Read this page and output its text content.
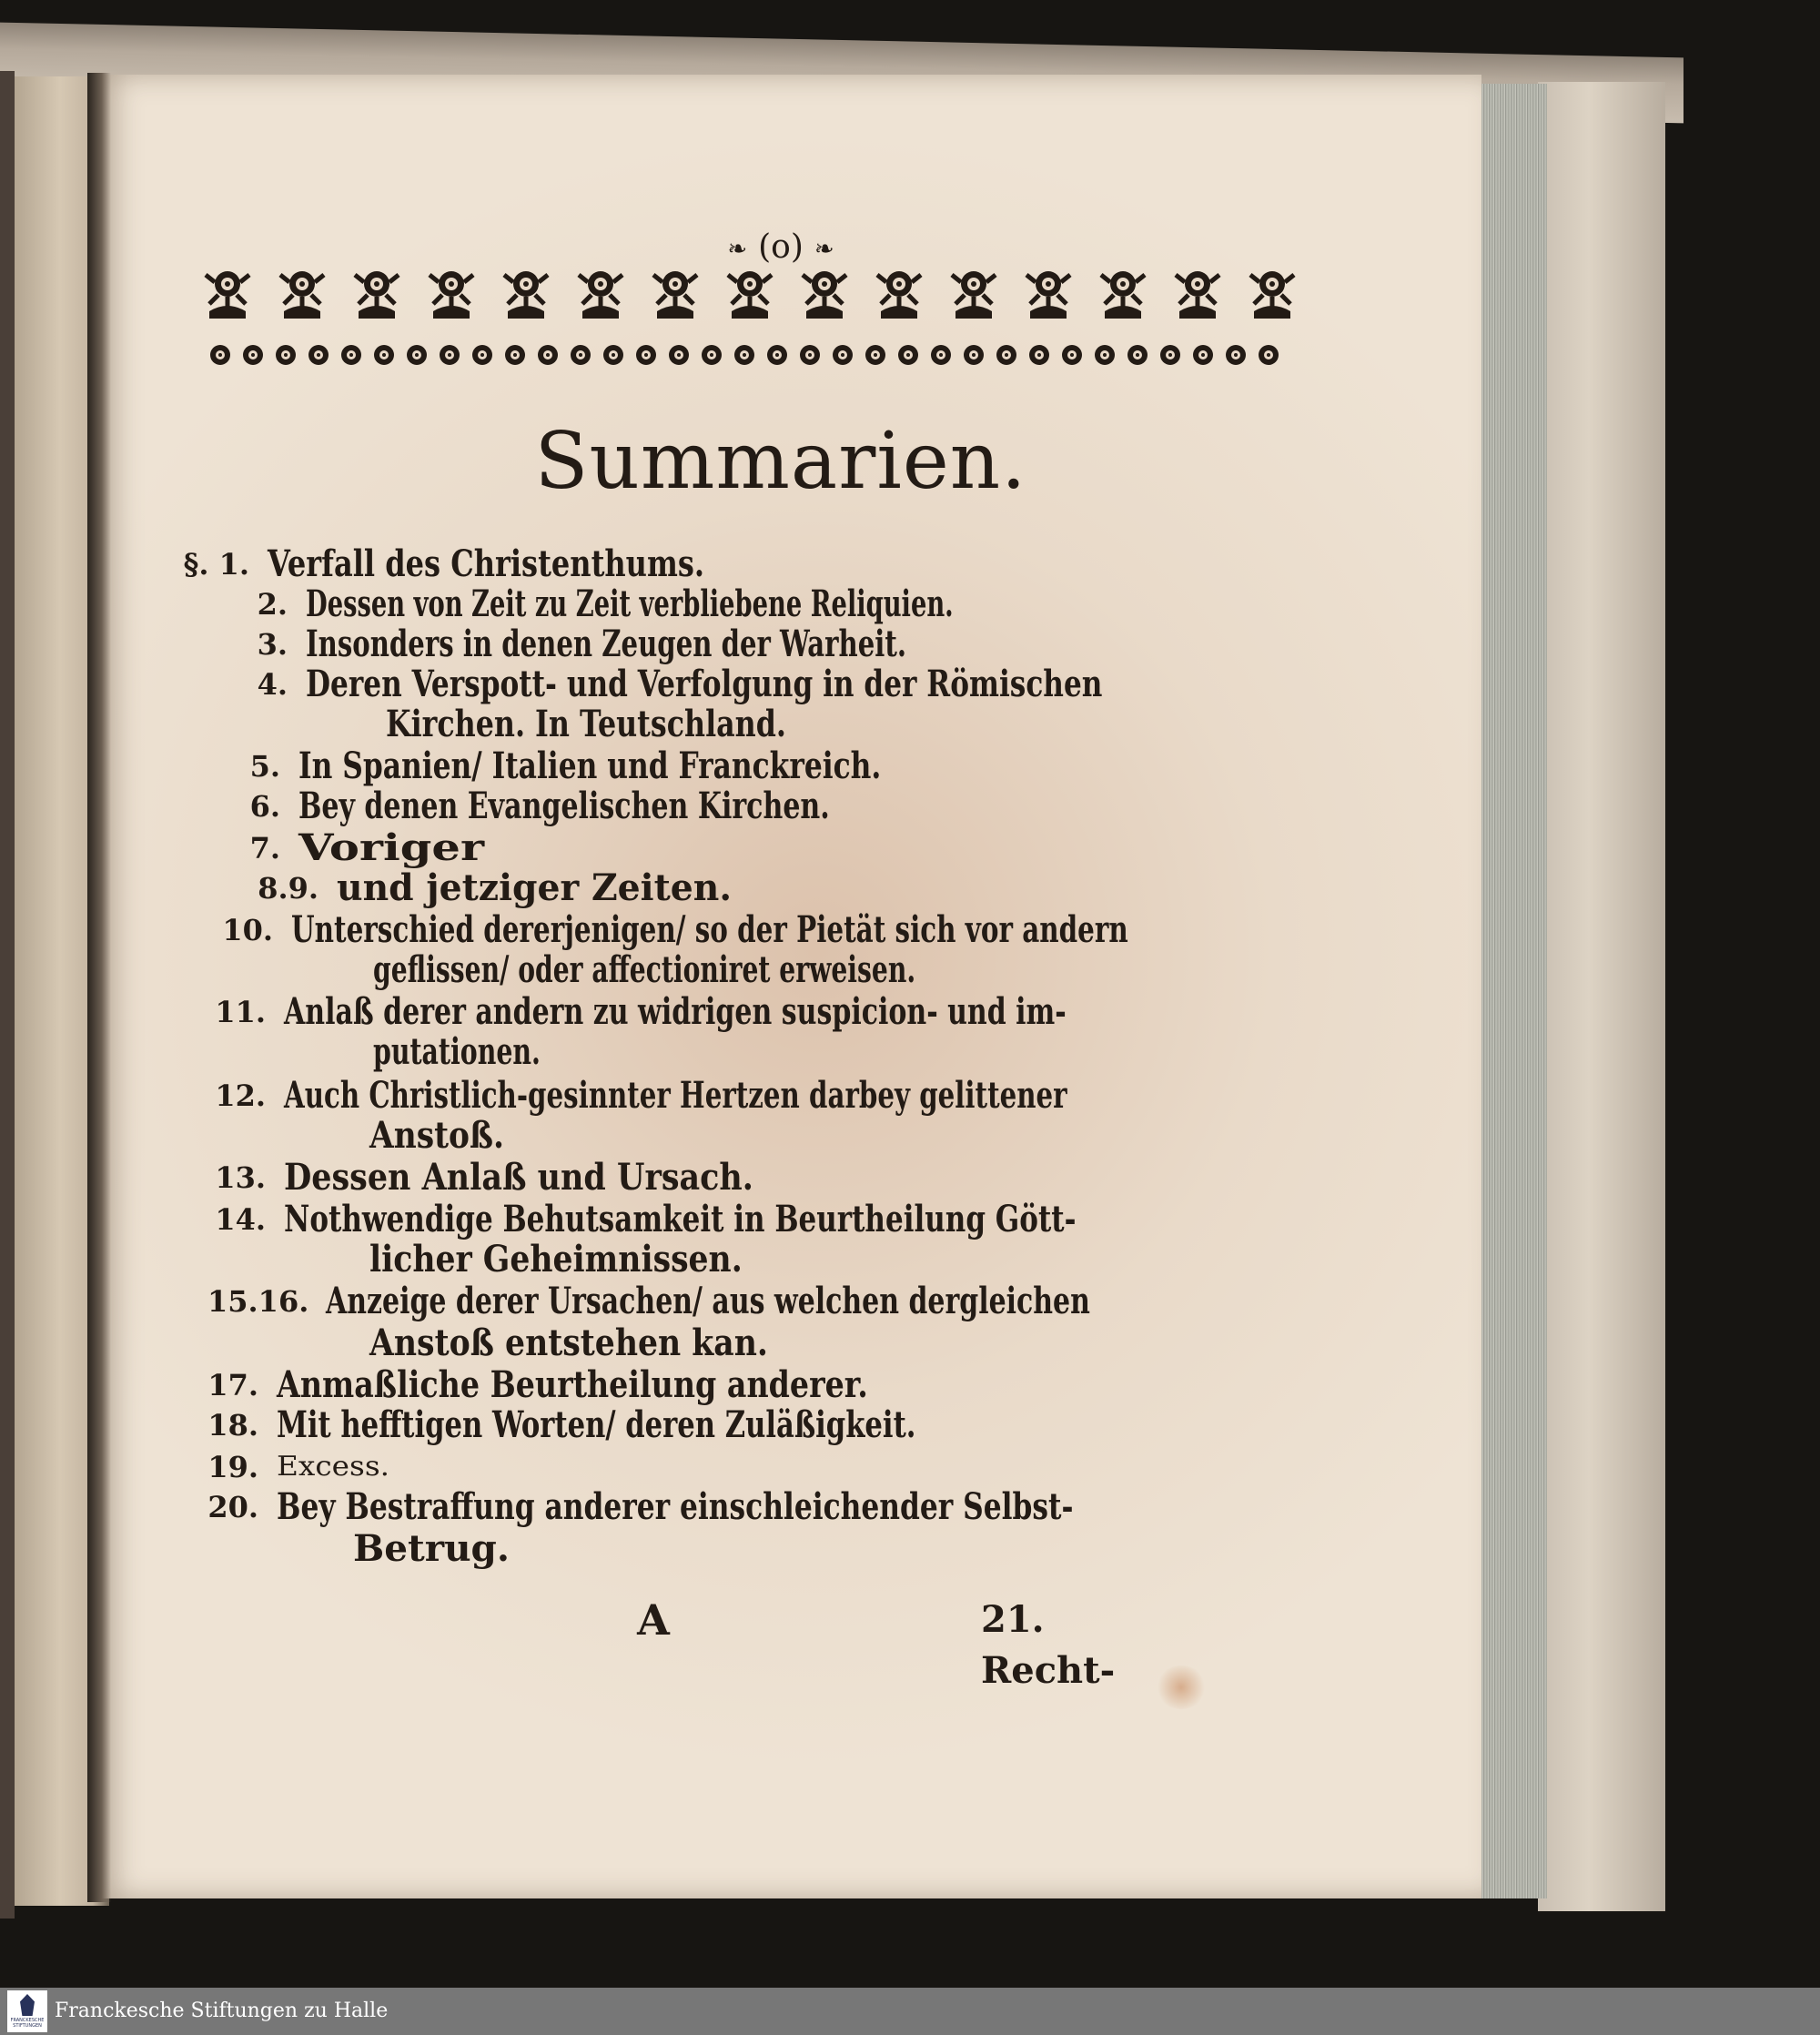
❧ (o) ❧
Summarien.
§. 1. Verfall des Christenthums.
2. Dessen von Zeit zu Zeit verbliebene Reliquien.
3. Insonders in denen Zeugen der Warheit.
4. Deren Verspott- und Verfolgung in der Römischen
Kirchen. In Teutschland.
5. In Spanien/ Italien und Franckreich.
6. Bey denen Evangelischen Kirchen.
7. Voriger
8.9. und jetziger Zeiten.
10. Unterschied dererjenigen/ so der Pietät sich vor andern
geflissen/ oder affectioniret erweisen.
11. Anlaß derer andern zu widrigen suspicion- und im-
putationen.
12. Auch Christlich-gesinnter Hertzen darbey gelittener
Anstoß.
13. Dessen Anlaß und Ursach.
14. Nothwendige Behutsamkeit in Beurtheilung Gött-
licher Geheimnissen.
15.16. Anzeige derer Ursachen/ aus welchen dergleichen
Anstoß entstehen kan.
17. Anmaßliche Beurtheilung anderer.
18. Mit hefftigen Worten/ deren Zuläßigkeit.
19. Excess.
20. Bey Bestraffung anderer einschleichender Selbst-
Betrug.
A	21. Recht-
FRANCKESCHE STIFTUNGEN
Franckesche Stiftungen zu Halle
